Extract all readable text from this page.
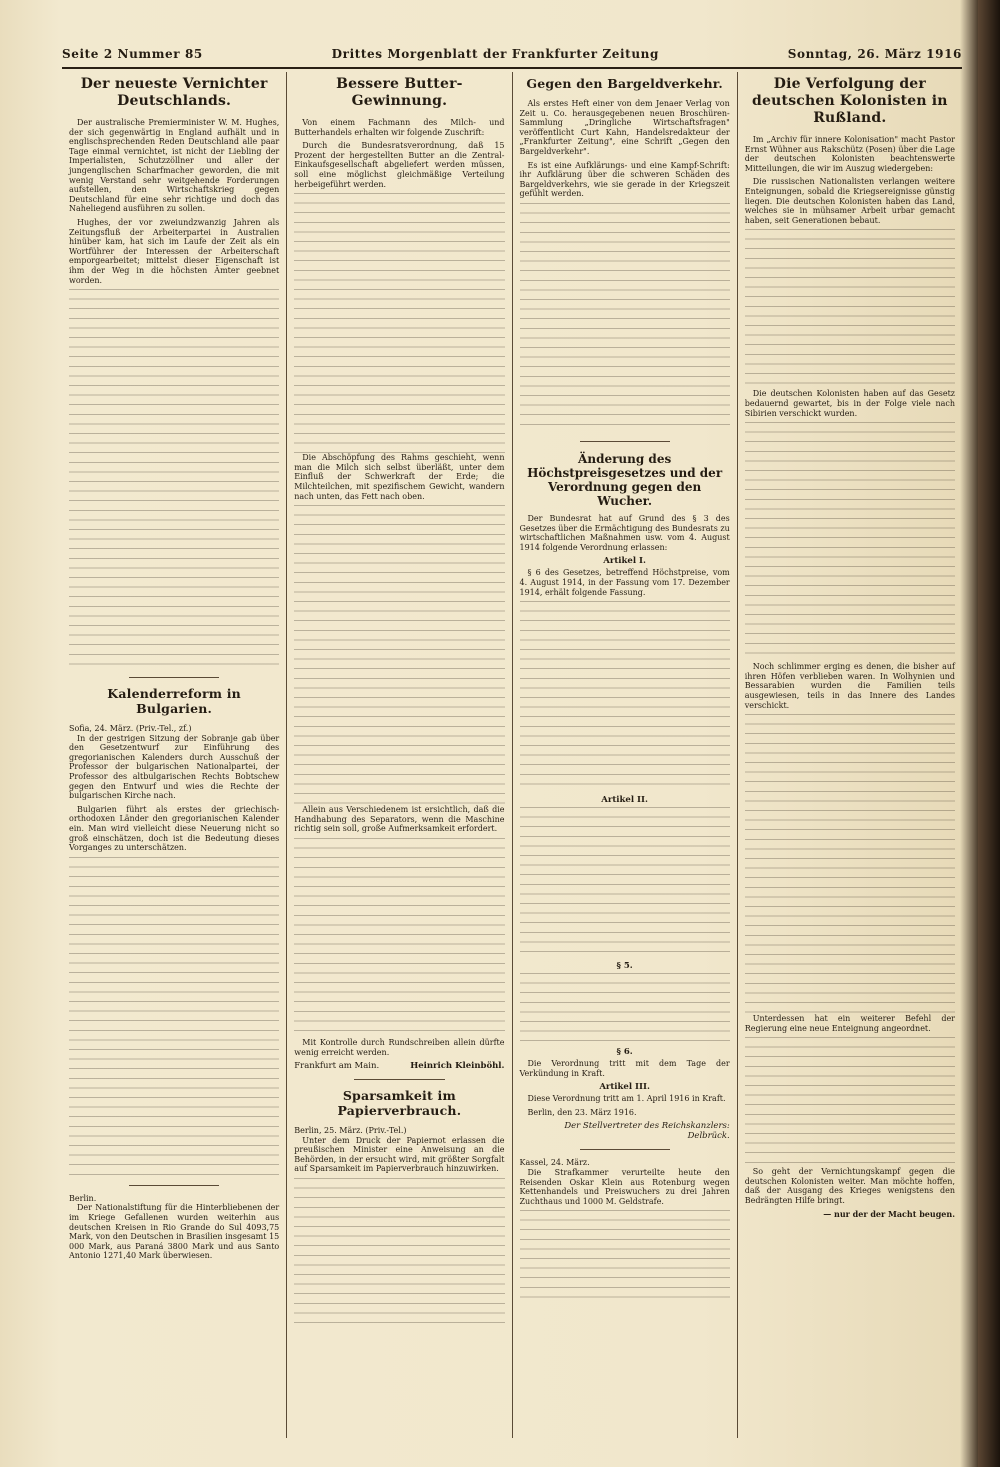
Seite 2 Nummer 85	Drittes Morgenblatt der Frankfurter Zeitung	Sonntag, 26. März 1916
Der neueste Vernichter Deutschlands.

Der australische Premierminister W. M. Hughes, der sich gegenwärtig in England aufhält und in englischsprechenden Reden Deutschland alle paar Tage einmal vernichtet, ist nicht der Liebling der Imperialisten, Schutzzöllner und aller der jungenglischen Scharfmacher geworden, die mit wenig Verstand sehr weitgehende Forderungen aufstellen, den Wirtschaftskrieg gegen Deutschland für eine sehr richtige und doch das Naheliegend ausführen zu sollen.

Hughes, der vor zweiundzwanzig Jahren als Zeitungsfluß der Arbeiterpartei in Australien hinüber kam, hat sich im Laufe der Zeit als ein Wortführer der Interessen der Arbeiterschaft emporgearbeitet; mittelst dieser Eigenschaft ist ihm der Weg in die höchsten Ämter geebnet worden.

Kalenderreform in Bulgarien.

Sofia, 24. März. (Priv.-Tel., zf.)

In der gestrigen Sitzung der Sobranje gab über den Gesetzentwurf zur Einführung des gregorianischen Kalenders durch Ausschuß der Professor der bulgarischen Nationalpartei, der Professor des altbulgarischen Rechts Bobtschew gegen den Entwurf und wies die Rechte der bulgarischen Kirche nach.

Bulgarien führt als erstes der griechisch-orthodoxen Länder den gregorianischen Kalender ein. Man wird vielleicht diese Neuerung nicht so groß einschätzen, doch ist die Bedeutung dieses Vorganges zu unterschätzen.

Berlin.

Der Nationalstiftung für die Hinterbliebenen der im Kriege Gefallenen wurden weiterhin aus deutschen Kreisen in Rio Grande do Sul 4093,75 Mark, von den Deutschen in Brasilien insgesamt 15 000 Mark, aus Paraná 3800 Mark und aus Santo Antonio 1271,40 Mark überwiesen.

Bessere Butter-Gewinnung.

Von einem Fachmann des Milch- und Butterhandels erhalten wir folgende Zuschrift:

Durch die Bundesratsverordnung, daß 15 Prozent der hergestellten Butter an die Zentral-Einkaufsgesellschaft abgeliefert werden müssen, soll eine möglichst gleichmäßige Verteilung herbeigeführt werden.

Die Abschöpfung des Rahms geschieht, wenn man die Milch sich selbst überläßt, unter dem Einfluß der Schwerkraft der Erde; die Milchteilchen, mit spezifischem Gewicht, wandern nach unten, das Fett nach oben.

Allein aus Verschiedenem ist ersichtlich, daß die Handhabung des Separators, wenn die Maschine richtig sein soll, große Aufmerksamkeit erfordert.

Mit Kontrolle durch Rundschreiben allein dürfte wenig erreicht werden.

Frankfurt am Main.	Heinrich Kleinböhl.
Sparsamkeit im Papierverbrauch.

Berlin, 25. März. (Priv.-Tel.)

Unter dem Druck der Papiernot erlassen die preußischen Minister eine Anweisung an die Behörden, in der ersucht wird, mit größter Sorgfalt auf Sparsamkeit im Papierverbrauch hinzuwirken.

Gegen den Bargeldverkehr.

Als erstes Heft einer von dem Jenaer Verlag von Zeit u. Co. herausgegebenen neuen Broschüren-Sammlung „Dringliche Wirtschaftsfragen" veröffentlicht Curt Kahn, Handelsredakteur der „Frankfurter Zeitung", eine Schrift „Gegen den Bargeldverkehr".

Es ist eine Aufklärungs- und eine Kampf-Schrift: ihr Aufklärung über die schweren Schäden des Bargeldverkehrs, wie sie gerade in der Kriegszeit gefühlt werden.

Änderung des Höchstpreisgesetzes und der Verordnung gegen den Wucher.

Der Bundesrat hat auf Grund des § 3 des Gesetzes über die Ermächtigung des Bundesrats zu wirtschaftlichen Maßnahmen usw. vom 4. August 1914 folgende Verordnung erlassen:

Artikel I.

§ 6 des Gesetzes, betreffend Höchstpreise, vom 4. August 1914, in der Fassung vom 17. Dezember 1914, erhält folgende Fassung.

Artikel II.
§ 5.
§ 6.

Die Verordnung tritt mit dem Tage der Verkündung in Kraft.

Artikel III.

Diese Verordnung tritt am 1. April 1916 in Kraft.

Berlin, den 23. März 1916.

Der Stellvertreter des Reichskanzlers: Delbrück.

Kassel, 24. März.

Die Strafkammer verurteilte heute den Reisenden Oskar Klein aus Rotenburg wegen Kettenhandels und Preiswuchers zu drei Jahren Zuchthaus und 1000 M. Geldstrafe.

Die Verfolgung der deutschen Kolonisten in Rußland.

Im „Archiv für innere Kolonisation" macht Pastor Ernst Wühner aus Rakschütz (Posen) über die Lage der deutschen Kolonisten beachtenswerte Mitteilungen, die wir im Auszug wiedergeben:

Die russischen Nationalisten verlangen weitere Enteignungen, sobald die Kriegsereignisse günstig liegen. Die deutschen Kolonisten haben das Land, welches sie in mühsamer Arbeit urbar gemacht haben, seit Generationen bebaut.

Die deutschen Kolonisten haben auf das Gesetz bedauernd gewartet, bis in der Folge viele nach Sibirien verschickt wurden.

Noch schlimmer erging es denen, die bisher auf ihren Höfen verblieben waren. In Wolhynien und Bessarabien wurden die Familien teils ausgewiesen, teils in das Innere des Landes verschickt.

Unterdessen hat ein weiterer Befehl der Regierung eine neue Enteignung angeordnet.

So geht der Vernichtungskampf gegen die deutschen Kolonisten weiter. Man möchte hoffen, daß der Ausgang des Krieges wenigstens den Bedrängten Hilfe bringt.

— nur der der Macht beugen.
